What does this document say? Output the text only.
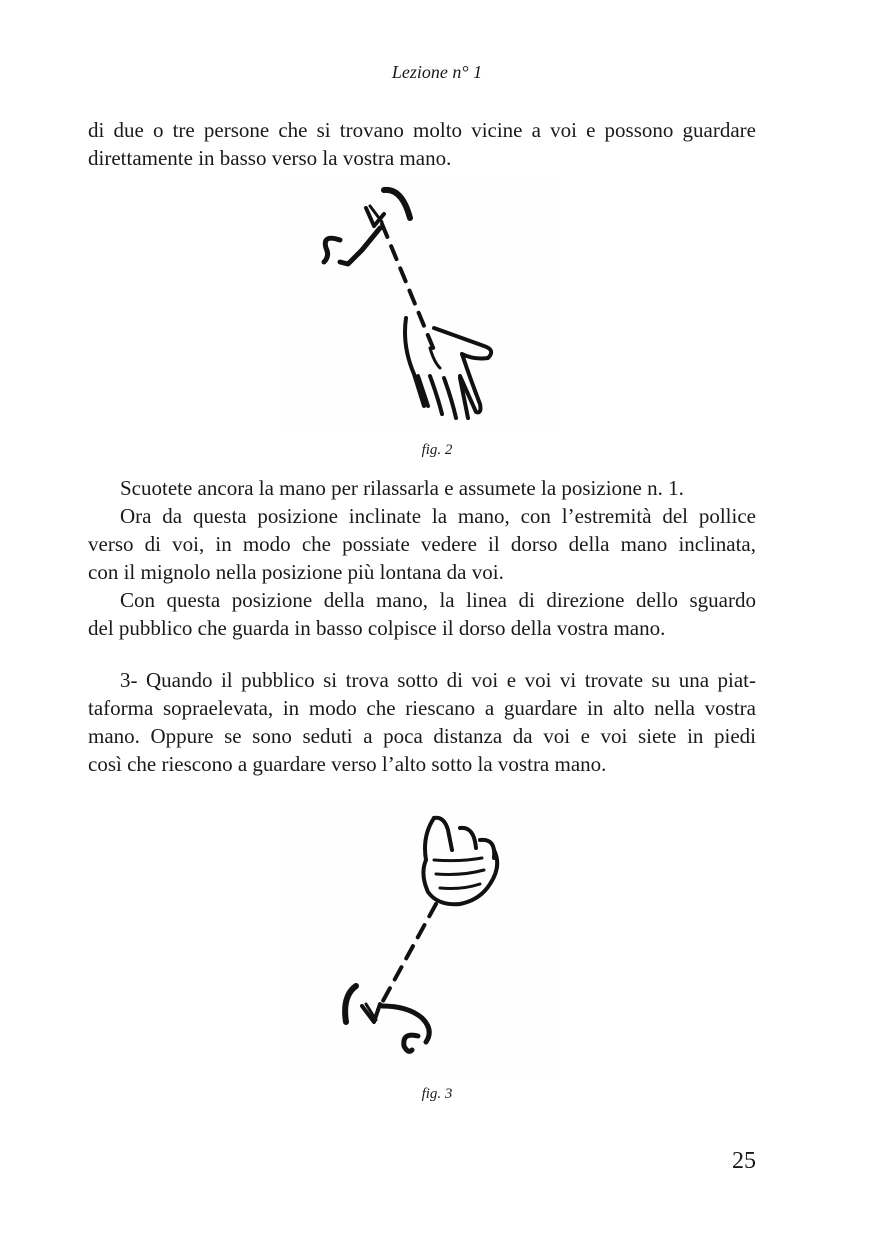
Lezione n° 1
di due o tre persone che si trovano molto vicine a voi e possono guardare
direttamente in basso verso la vostra mano.
fig. 2
Scuotete ancora la mano per rilassarla e assumete la posizione n. 1.
Ora da questa posizione inclinate la mano, con l’estremità del pollice
verso di voi, in modo che possiate vedere il dorso della mano inclinata,
con il mignolo nella posizione più lontana da voi.
Con questa posizione della mano, la linea di direzione dello sguardo
del pubblico che guarda in basso colpisce il dorso della vostra mano.
3- Quando il pubblico si trova sotto di voi e voi vi trovate su una piat-
taforma sopraelevata, in modo che riescano a guardare in alto nella vostra
mano. Oppure se sono seduti a poca distanza da voi e voi siete in piedi
così che riescono a guardare verso l’alto sotto la vostra mano.
fig. 3
25
